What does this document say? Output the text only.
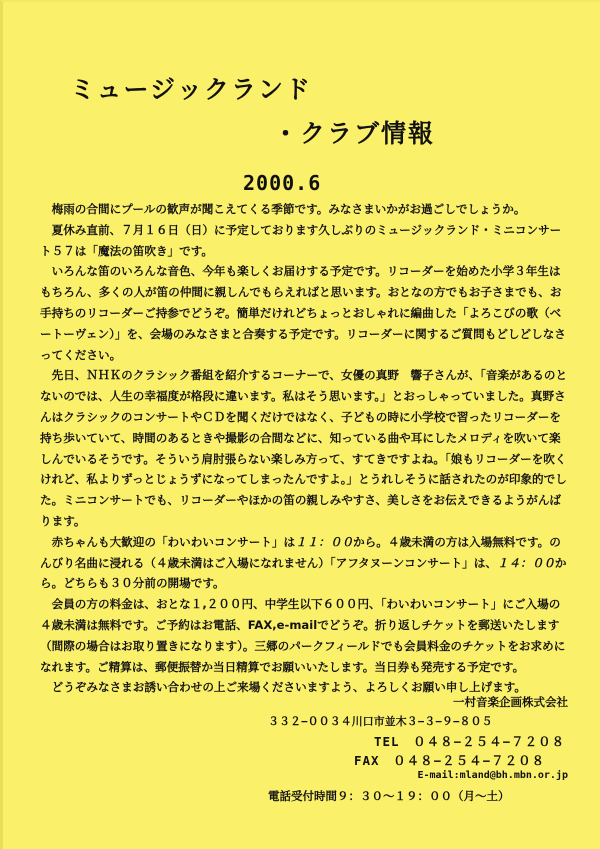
ミュージックランド
・クラブ情報
2000.6

梅雨の合間にプールの歓声が聞こえてくる季節です。みなさまいかがお過ごしでしょうか。

夏休み直前、７月１６日（日）に予定しております久しぶりのミュージックランド・ミニコンサート５７は「魔法の笛吹き」です。

いろんな笛のいろんな音色、今年も楽しくお届けする予定です。リコーダーを始めた小学３年生はもちろん、多くの人が笛の仲間に親しんでもらえればと思います。おとなの方でもお子さまでも、お手持ちのリコーダーご持参でどうぞ。簡単だけれどちょっとおしゃれに編曲した「よろこびの歌（ベートーヴェン）」を、会場のみなさまと合奏する予定です。リコーダーに関するご質問もどしどしなさってください。

先日、ＮＨＫのクラシック番組を紹介するコーナーで、女優の真野　響子さんが、「音楽があるのとないのでは、人生の幸福度が格段に違います。私はそう思います。」とおっしゃっていました。真野さんはクラシックのコンサートやＣＤを聞くだけではなく、子どもの時に小学校で習ったリコーダーを持ち歩いていて、時間のあるときや撮影の合間などに、知っている曲や耳にしたメロディを吹いて楽しんでいるそうです。そういう肩肘張らない楽しみ方って、すてきですよね。「娘もリコーダーを吹くけれど、私よりずっとじょうずになってしまったんですよ。」とうれしそうに話されたのが印象的でした。ミニコンサートでも、リコーダーやほかの笛の親しみやすさ、美しさをお伝えできるようがんばります。

赤ちゃんも大歓迎の「わいわいコンサート」は１１：００から。４歳未満の方は入場無料です。のんびり名曲に浸れる（４歳未満はご入場になれません）「アフタヌーンコンサート」は、１４：００から。どちらも３０分前の開場です。

会員の方の料金は、おとな１,２００円、中学生以下６００円、「わいわいコンサート」にご入場の４歳未満は無料です。ご予約はお電話、FAX,e-mailでどうぞ。折り返しチケットを郵送いたします（間際の場合はお取り置きになります）。三郷のパークフィールドでも会員料金のチケットをお求めになれます。ご精算は、郵便振替か当日精算でお願いいたします。当日券も発売する予定です。

どうぞみなさまお誘い合わせの上ご来場くださいますよう、よろしくお願い申し上げます。

一村音楽企画株式会社
３３２−００３４川口市並木３−３−９−８０５
TEL　０４８−２５４−７２０８
FAX　０４８−２５４−７２０８
E-mail:mland@bh.mbn.or.jp
電話受付時間９：３０〜１９：００（月〜土）
